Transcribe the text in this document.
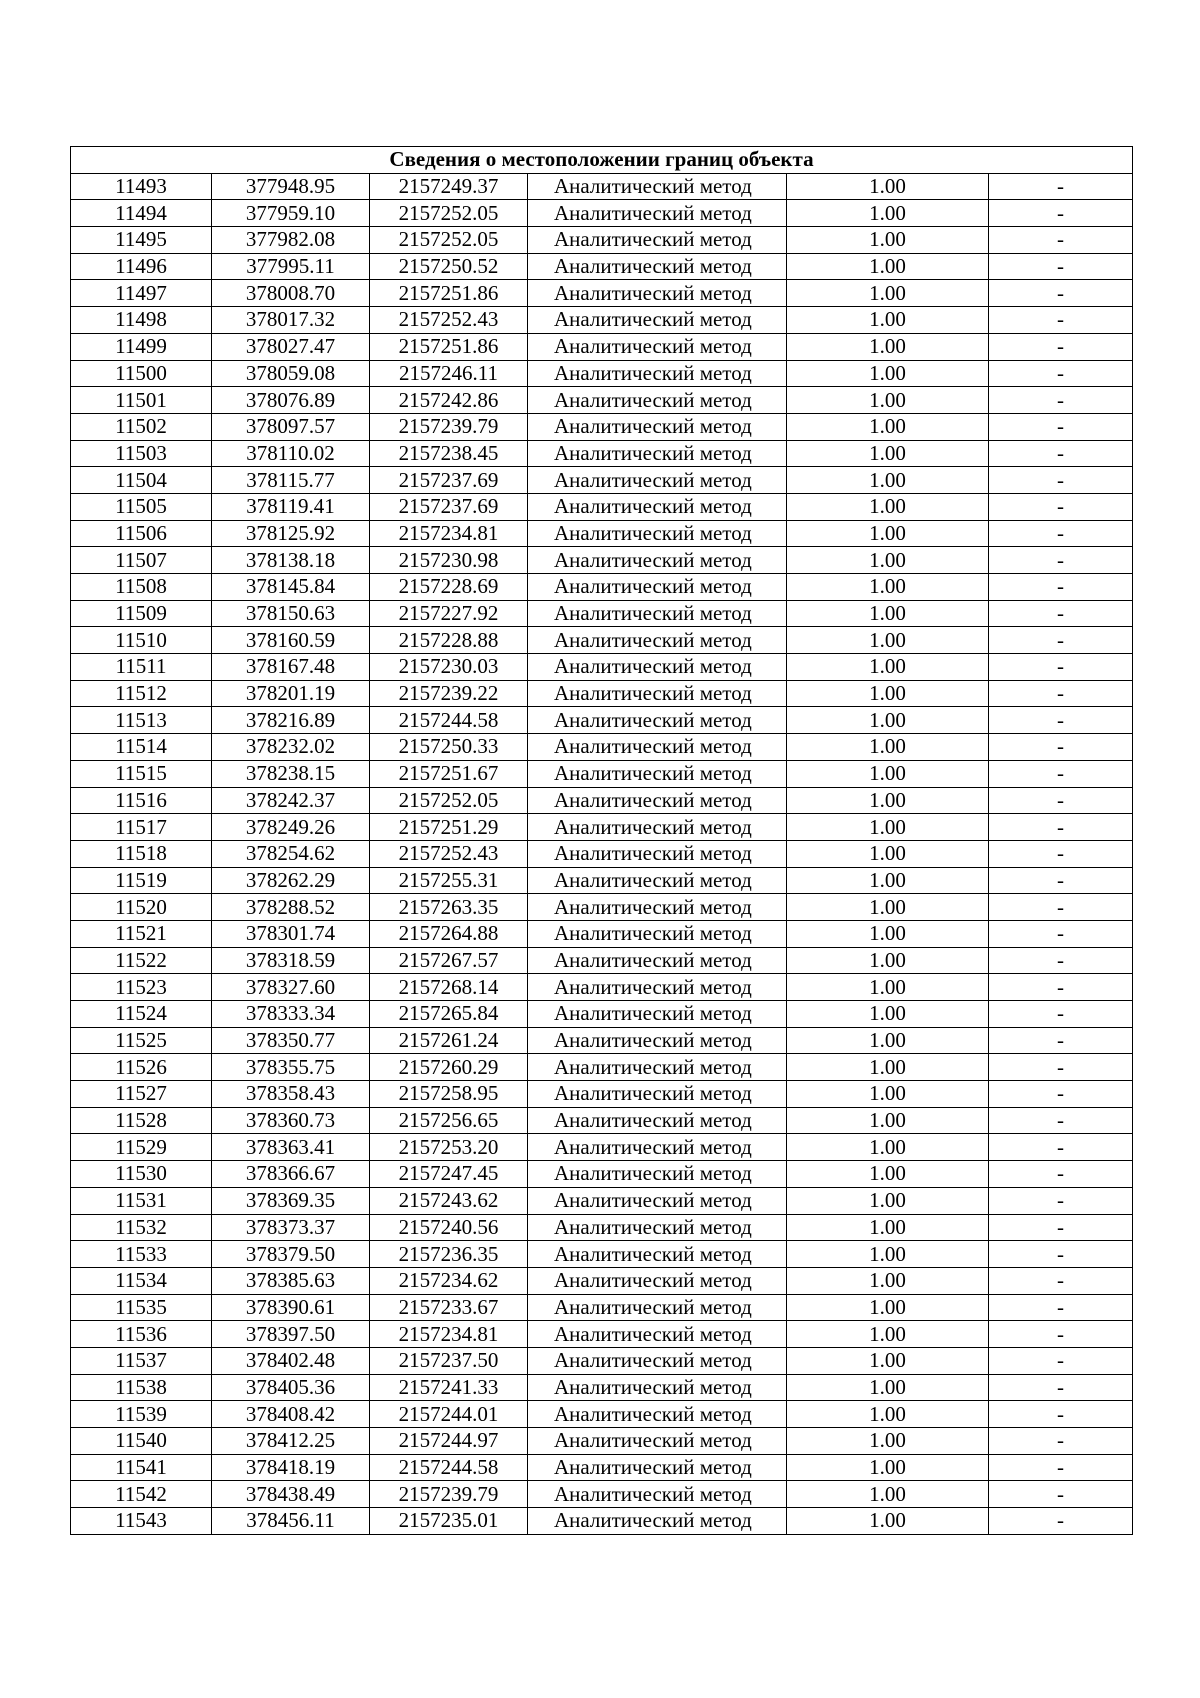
Сведения о местоположении границ объекта					
11493	377948.95	2157249.37	Аналитический метод	1.00	-
11494	377959.10	2157252.05	Аналитический метод	1.00	-
11495	377982.08	2157252.05	Аналитический метод	1.00	-
11496	377995.11	2157250.52	Аналитический метод	1.00	-
11497	378008.70	2157251.86	Аналитический метод	1.00	-
11498	378017.32	2157252.43	Аналитический метод	1.00	-
11499	378027.47	2157251.86	Аналитический метод	1.00	-
11500	378059.08	2157246.11	Аналитический метод	1.00	-
11501	378076.89	2157242.86	Аналитический метод	1.00	-
11502	378097.57	2157239.79	Аналитический метод	1.00	-
11503	378110.02	2157238.45	Аналитический метод	1.00	-
11504	378115.77	2157237.69	Аналитический метод	1.00	-
11505	378119.41	2157237.69	Аналитический метод	1.00	-
11506	378125.92	2157234.81	Аналитический метод	1.00	-
11507	378138.18	2157230.98	Аналитический метод	1.00	-
11508	378145.84	2157228.69	Аналитический метод	1.00	-
11509	378150.63	2157227.92	Аналитический метод	1.00	-
11510	378160.59	2157228.88	Аналитический метод	1.00	-
11511	378167.48	2157230.03	Аналитический метод	1.00	-
11512	378201.19	2157239.22	Аналитический метод	1.00	-
11513	378216.89	2157244.58	Аналитический метод	1.00	-
11514	378232.02	2157250.33	Аналитический метод	1.00	-
11515	378238.15	2157251.67	Аналитический метод	1.00	-
11516	378242.37	2157252.05	Аналитический метод	1.00	-
11517	378249.26	2157251.29	Аналитический метод	1.00	-
11518	378254.62	2157252.43	Аналитический метод	1.00	-
11519	378262.29	2157255.31	Аналитический метод	1.00	-
11520	378288.52	2157263.35	Аналитический метод	1.00	-
11521	378301.74	2157264.88	Аналитический метод	1.00	-
11522	378318.59	2157267.57	Аналитический метод	1.00	-
11523	378327.60	2157268.14	Аналитический метод	1.00	-
11524	378333.34	2157265.84	Аналитический метод	1.00	-
11525	378350.77	2157261.24	Аналитический метод	1.00	-
11526	378355.75	2157260.29	Аналитический метод	1.00	-
11527	378358.43	2157258.95	Аналитический метод	1.00	-
11528	378360.73	2157256.65	Аналитический метод	1.00	-
11529	378363.41	2157253.20	Аналитический метод	1.00	-
11530	378366.67	2157247.45	Аналитический метод	1.00	-
11531	378369.35	2157243.62	Аналитический метод	1.00	-
11532	378373.37	2157240.56	Аналитический метод	1.00	-
11533	378379.50	2157236.35	Аналитический метод	1.00	-
11534	378385.63	2157234.62	Аналитический метод	1.00	-
11535	378390.61	2157233.67	Аналитический метод	1.00	-
11536	378397.50	2157234.81	Аналитический метод	1.00	-
11537	378402.48	2157237.50	Аналитический метод	1.00	-
11538	378405.36	2157241.33	Аналитический метод	1.00	-
11539	378408.42	2157244.01	Аналитический метод	1.00	-
11540	378412.25	2157244.97	Аналитический метод	1.00	-
11541	378418.19	2157244.58	Аналитический метод	1.00	-
11542	378438.49	2157239.79	Аналитический метод	1.00	-
11543	378456.11	2157235.01	Аналитический метод	1.00	-
